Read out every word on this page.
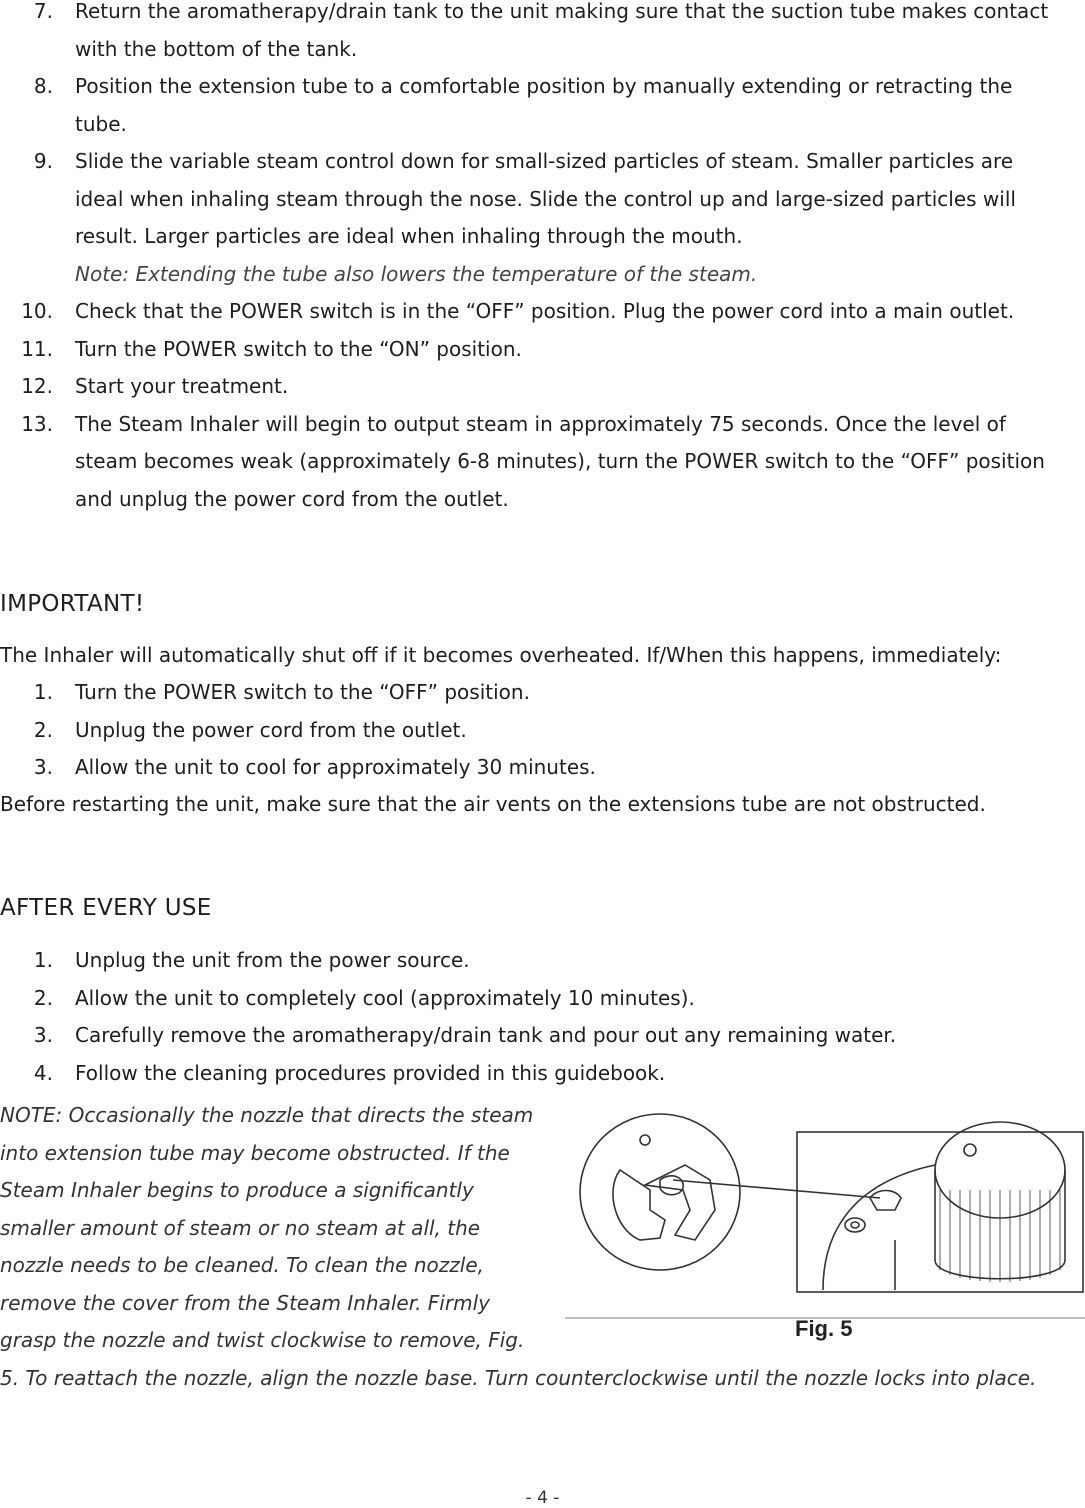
7. Return the aromatherapy/drain tank to the unit making sure that the suction tube makes contact
with the bottom of the tank.
8. Position the extension tube to a comfortable position by manually extending or retracting the
tube.
9. Slide the variable steam control down for small-sized particles of steam. Smaller particles are
ideal when inhaling steam through the nose. Slide the control up and large-sized particles will
result. Larger particles are ideal when inhaling through the mouth.
Note: Extending the tube also lowers the temperature of the steam.
10. Check that the POWER switch is in the “OFF” position. Plug the power cord into a main outlet.
11. Turn the POWER switch to the “ON” position.
12. Start your treatment.
13. The Steam Inhaler will begin to output steam in approximately 75 seconds. Once the level of
steam becomes weak (approximately 6-8 minutes), turn the POWER switch to the “OFF” position
and unplug the power cord from the outlet.
IMPORTANT!
The Inhaler will automatically shut off if it becomes overheated. If/When this happens, immediately:
1. Turn the POWER switch to the “OFF” position.
2. Unplug the power cord from the outlet.
3. Allow the unit to cool for approximately 30 minutes.
Before restarting the unit, make sure that the air vents on the extensions tube are not obstructed.
AFTER EVERY USE
1. Unplug the unit from the power source.
2. Allow the unit to completely cool (approximately 10 minutes).
3. Carefully remove the aromatherapy/drain tank and pour out any remaining water.
4. Follow the cleaning procedures provided in this guidebook.
NOTE: Occasionally the nozzle that directs the steam
into extension tube may become obstructed. If the
Steam Inhaler begins to produce a significantly
smaller amount of steam or no steam at all, the
nozzle needs to be cleaned. To clean the nozzle,
remove the cover from the Steam Inhaler. Firmly
grasp the nozzle and twist clockwise to remove, Fig.
5. To reattach the nozzle, align the nozzle base. Turn counterclockwise until the nozzle locks into place.
Fig. 5
- 4 -
